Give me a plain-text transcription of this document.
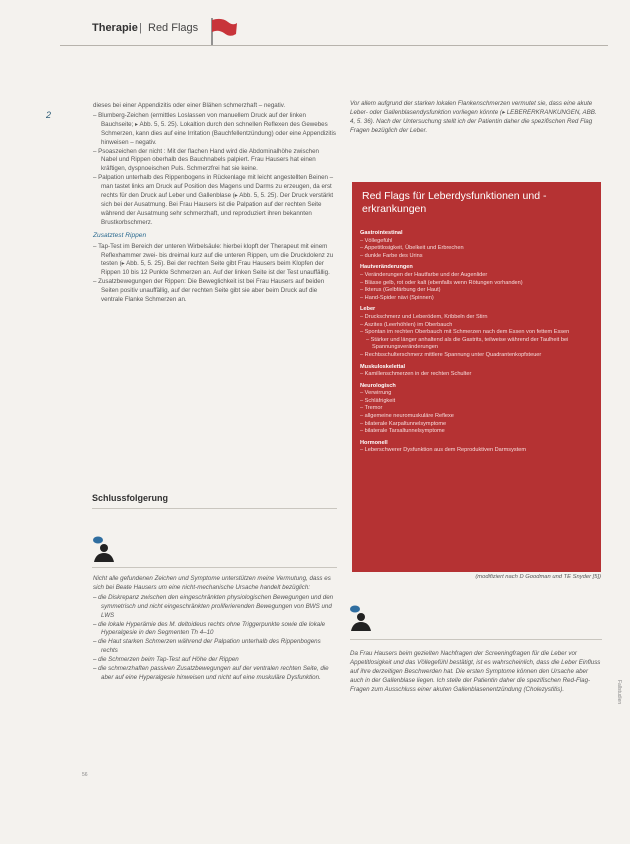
Therapie | Red Flags
2

dieses bei einer Appendizitis oder einer Blähen schmerzhaft – negativ.

– Blumberg-Zeichen (ermittles Loslassen von manuellem Druck auf der linken Bauchseite; ▸ Abb. 5, 5. 25). Lokaltion durch den schnellen Reflexen des Gewebes Schmerzen, kann dies auf eine Irritation (Bauchfellentzündung) oder eine Appendizitis hinweisen – negativ.

– Psoaszeichen der nicht : Mit der flachen Hand wird die Abdominalhöhe zwischen Nabel und Rippen oberhalb des Bauchnabels palpiert. Frau Hausers hat einen kräftigen, dyspnoeischen Puls. Schmerzfrei hat sie keine.

– Palpation unterhalb des Rippenbogens in Rückenlage mit leicht angestellten Beinen – man tastet links am Druck auf Position des Magens und Darms zu erzeugen, da erst rechts für den Druck auf Leber und Gallenblase (▸ Abb. 5, 5. 25). Der Druck verstärkt sich bei der Ausatmung. Bei Frau Hausers ist die Palpation auf der rechten Seite während der Ausatmung sehr schmerzhaft, und reproduziert ihren bekannten Brustkorbschmerz.

Zusatztest Rippen

– Tap-Test im Bereich der unteren Wirbelsäule: hierbei klopft der Therapeut mit einem Reflexhammer zwei- bis dreimal kurz auf die unteren Rippen, um die Druckdolenz zu testen (▸ Abb. 5, 5. 25). Bei der rechten Seite gibt Frau Hausers beim Klopfen der Rippen 10 bis 12 Punkte Schmerzen an. Auf der linken Seite ist der Test unauffällig.

– Zusatzbewegungen der Rippen: Die Beweglichkeit ist bei Frau Hausers auf beiden Seiten positiv unauffällig, auf der rechten Seite gibt sie aber beim Druck auf die ventrale Flanke Schmerzen an.

Vor allem aufgrund der starken lokalen Flankenschmerzen vermutet sie, dass eine akute Leber- oder Gallenblasendysfunktion vorliegen könnte (▸ LEBERERKRANKUNGEN, ABB. 4, 5. 36). Nach der Untersuchung stellt ich der Patientin daher die spezifischen Red Flag Fragen bezüglich der Leber.

Red Flags für Leberdysfunktionen und -erkrankungen
Gastrointestinal

– Völlegefühl

– Appetitlosigkeit, Übelkeit und Erbrechen

– dunkle Farbe des Urins

Hautveränderungen

– Veränderungen der Hautfarbe und der Augenlider

– Blässe gelb, rot oder kalt (ebenfalls wenn Rötungen vorhanden)

– Ikterus (Gelbfärbung der Haut)

– Hand-Spider nävi (Spinnen)

Leber

– Druckschmerz und Leberödem, Kribbeln der Stirn

– Aszites (Leerhöhlen) im Oberbauch

– Spontan im rechten Oberbauch mit Schmerzen nach dem Essen von fettem Essen

– Stärker und länger anhaltend als die Gastrits, teilweise während der Taulheit bei Spannungsveränderungen

– Rechtsschulterschmerz mittlere Spannung unter Quadrantenkopfsteuer

Muskuloskelettal

– Kamillenschmerzen in der rechten Schulter

Neurologisch

– Verwirrung

– Schläfrigkeit

– Tremor

– allgemeine neuromuskuläre Reflexe

– bilaterale Karpaltunnelsymptome

– bilaterale Tarsaltunnelsymptome

Hormonell

– Leberschwerer Dysfunktion aus dem Reproduktiven Darmsystem

(modifiziert nach D Goodman und TE Snyder [5])
Schlussfolgerung

Nicht alle gefundenen Zeichen und Symptome unterstützen meine Vermutung, dass es sich bei Beate Hausers um eine nicht-mechanische Ursache handelt bezüglich:

– die Diskrepanz zwischen den eingeschränkten physiologischen Bewegungen und den symmetrisch und nicht eingeschränkten proliferierenden Bewegungen von BWS und LWS

– die lokale Hyperämie des M. deltoideus rechts ohne Triggerpunkte sowie die lokale Hyperalgesie in den Segmenten Th 4–10

– die Haut starken Schmerzen während der Palpation unterhalb des Rippenbogens rechts

– die Schmerzen beim Tap-Test auf Höhe der Rippen

– die schmerzhaften passiven Zusatzbewegungen auf der ventralen rechten Seite, die aber auf eine Hyperalgesie hinweisen und nicht auf eine muskuläre Dysfunktion.

Da Frau Hausers beim gezielten Nachfragen der Screeningfragen für die Leber vor Appetitlosigkeit und das Völlegefühl bestätigt, ist es wahrscheinlich, dass die Leber Einfluss auf ihre derzeitigen Beschwerden hat. Die ersten Symptome können den Ursache aber auch in der Gallenblase liegen. Ich stelle der Patientin daher die spezifischen Red-Flag-Fragen zum Ausschluss einer akuten Gallenblasenentzündung (Cholezystitis).	Fallstudien
56
